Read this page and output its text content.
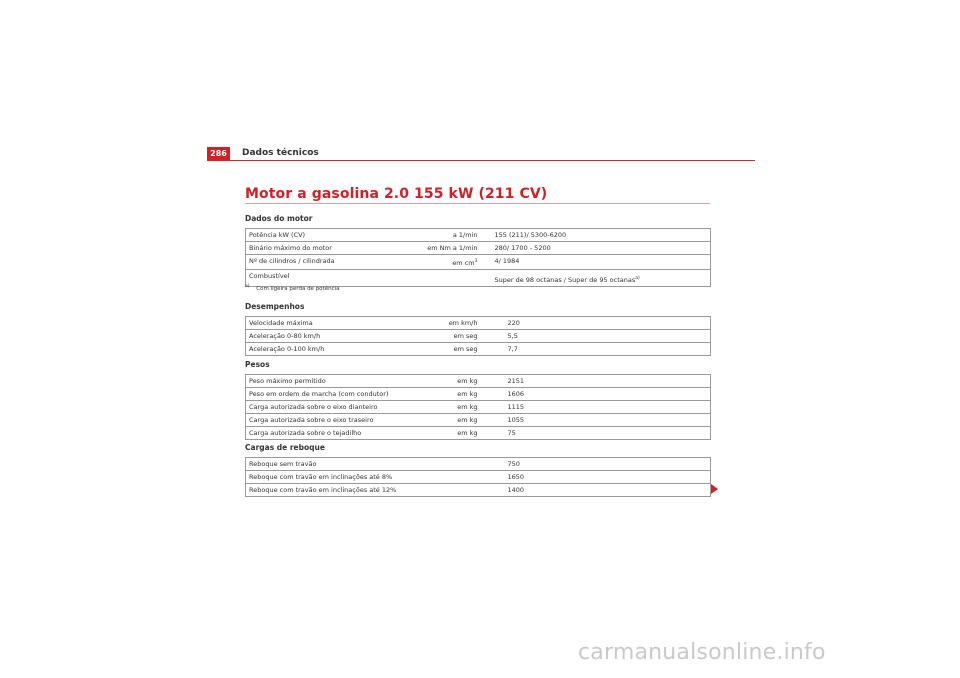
286	Dados técnicos
Motor a gasolina 2.0 155 kW (211 CV)
Dados do motor
Potência kW (CV)	a 1/min	155 (211)/ 5300-6200
Binário máximo do motor	em Nm a 1/min	280/ 1700 - 5200
Nº de cilindros / cilindrada	em $cm^3$	4/ 1984
Combustível		Super de 98 octanas / Super de 95 octanas$^{a)}$
$^{a)}$ Com ligeira perda de potência
Desempenhos
Velocidade máxima	em km/h	220
Aceleração 0-80 km/h	em seg	5,5
Aceleração 0-100 km/h	em seg	7,7
Pesos
Peso máximo permitido	em kg	2151
Peso em ordem de marcha (com condutor)	em kg	1606
Carga autorizada sobre o eixo dianteiro	em kg	1115
Carga autorizada sobre o eixo traseiro	em kg	1055
Carga autorizada sobre o tejadilho	em kg	75
Cargas de reboque
Reboque sem travão		750
Reboque com travão em inclinações até 8%		1650
Reboque com travão em inclinações até 12%		1400
carmanualsonline.info
